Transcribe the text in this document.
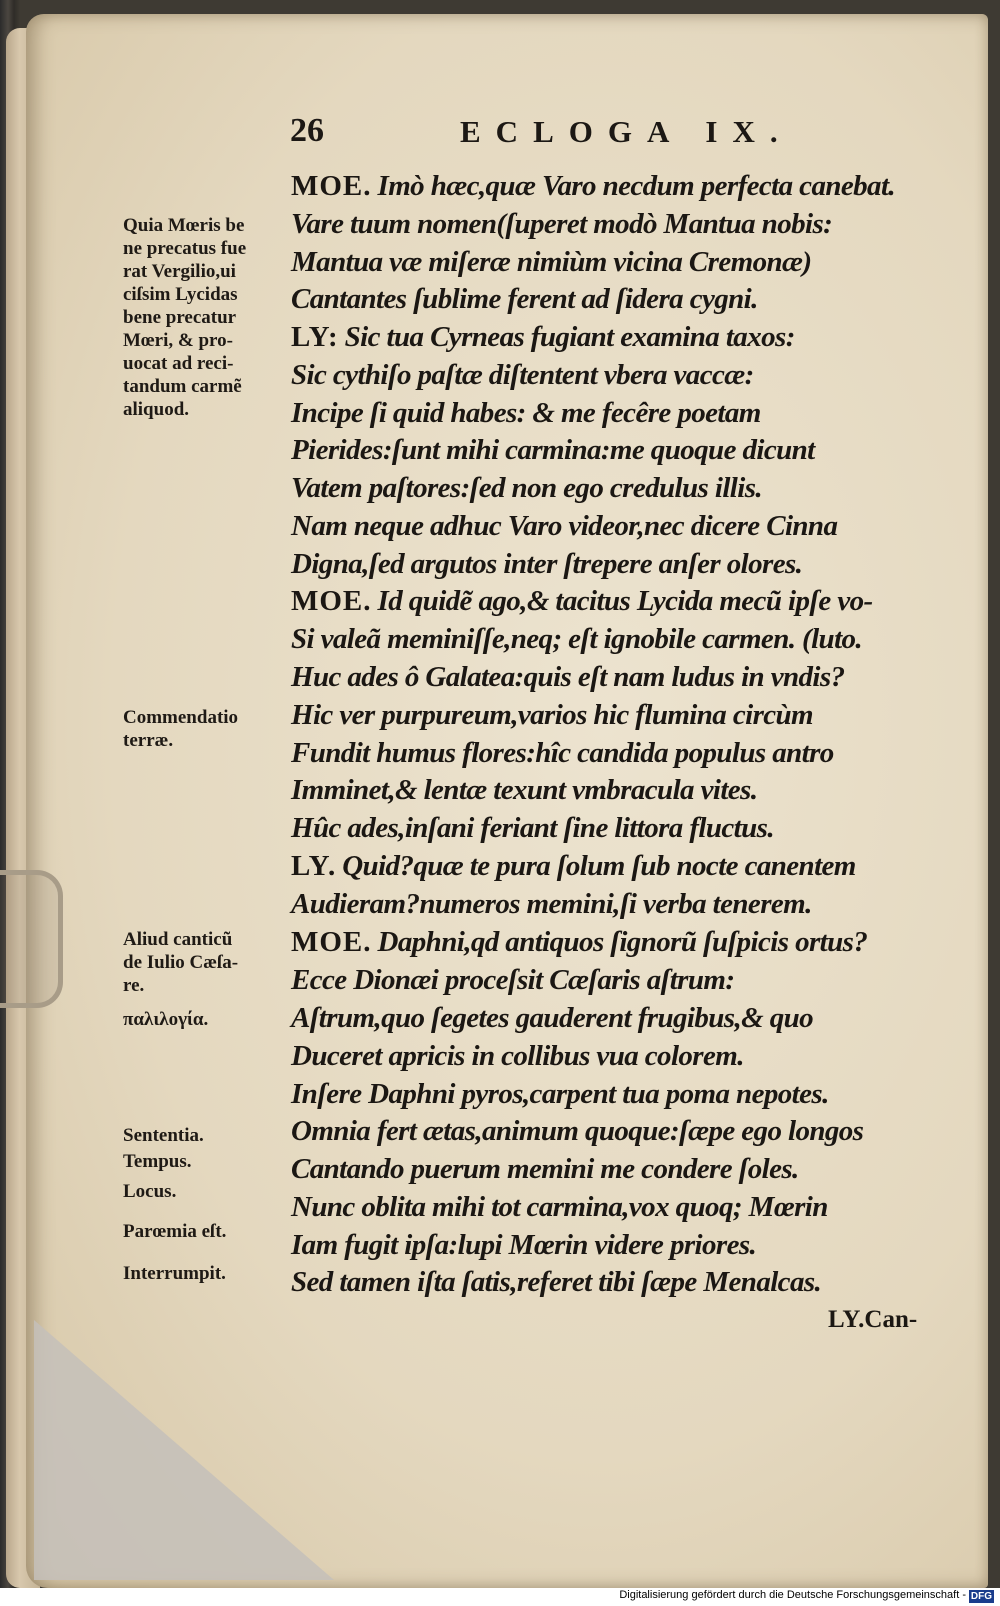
26	ECLOGA IX.
MOE. Imò hæc,quæ Varo necdum perfecta canebat.
Vare tuum nomen(ſuperet modò Mantua nobis:
Mantua væ miſeræ nimiùm vicina Cremonæ)
Cantantes ſublime ferent ad ſidera cygni.
LY: Sic tua Cyrneas fugiant examina taxos:
Sic cythiſo paſtæ diſtentent vbera vaccæ:
Incipe ſi quid habes: & me fecêre poetam
Pierides:ſunt mihi carmina:me quoque dicunt
Vatem paſtores:ſed non ego credulus illis.
Nam neque adhuc Varo videor,nec dicere Cinna
Digna,ſed argutos inter ſtrepere anſer olores.
MOE. Id quidẽ ago,& tacitus Lycida mecũ ipſe vo-
Si valeã meminiſſe,neq; eſt ignobile carmen. (luto.
Huc ades ô Galatea:quis eſt nam ludus in vndis?
Hic ver purpureum,varios hic flumina circùm
Fundit humus flores:hîc candida populus antro
Imminet,& lentæ texunt vmbracula vites.
Hûc ades,inſani feriant ſine littora fluctus.
LY. Quid?quæ te pura ſolum ſub nocte canentem
Audieram?numeros memini,ſi verba tenerem.
MOE. Daphni,qd antiquos ſignorũ ſuſpicis ortus?
Ecce Dionæi proceſsit Cæſaris aſtrum:
Aſtrum,quo ſegetes gauderent frugibus,& quo
Duceret apricis in collibus vua colorem.
Inſere Daphni pyros,carpent tua poma nepotes.
Omnia fert ætas,animum quoque:ſæpe ego longos
Cantando puerum memini me condere ſoles.
Nunc oblita mihi tot carmina,vox quoq; Mœrin
Iam fugit ipſa:lupi Mœrin videre priores.
Sed tamen iſta ſatis,referet tibi ſæpe Menalcas.
Quia Mœris be
ne precatus fue
rat Vergilio,ui
ciſsim Lycidas
bene precatur
Mœri, & pro-
uocat ad reci-
tandum carmẽ
aliquod.
Commendatio
terræ.
Aliud canticũ
de Iulio Cæſa-
re.
παλιλογία.
Sententia.
Tempus.
Locus.
Parœmia eſt.
Interrumpit.
LY.Can-
Digitalisierung gefördert durch die Deutsche Forschungsgemeinschaft - DFG
